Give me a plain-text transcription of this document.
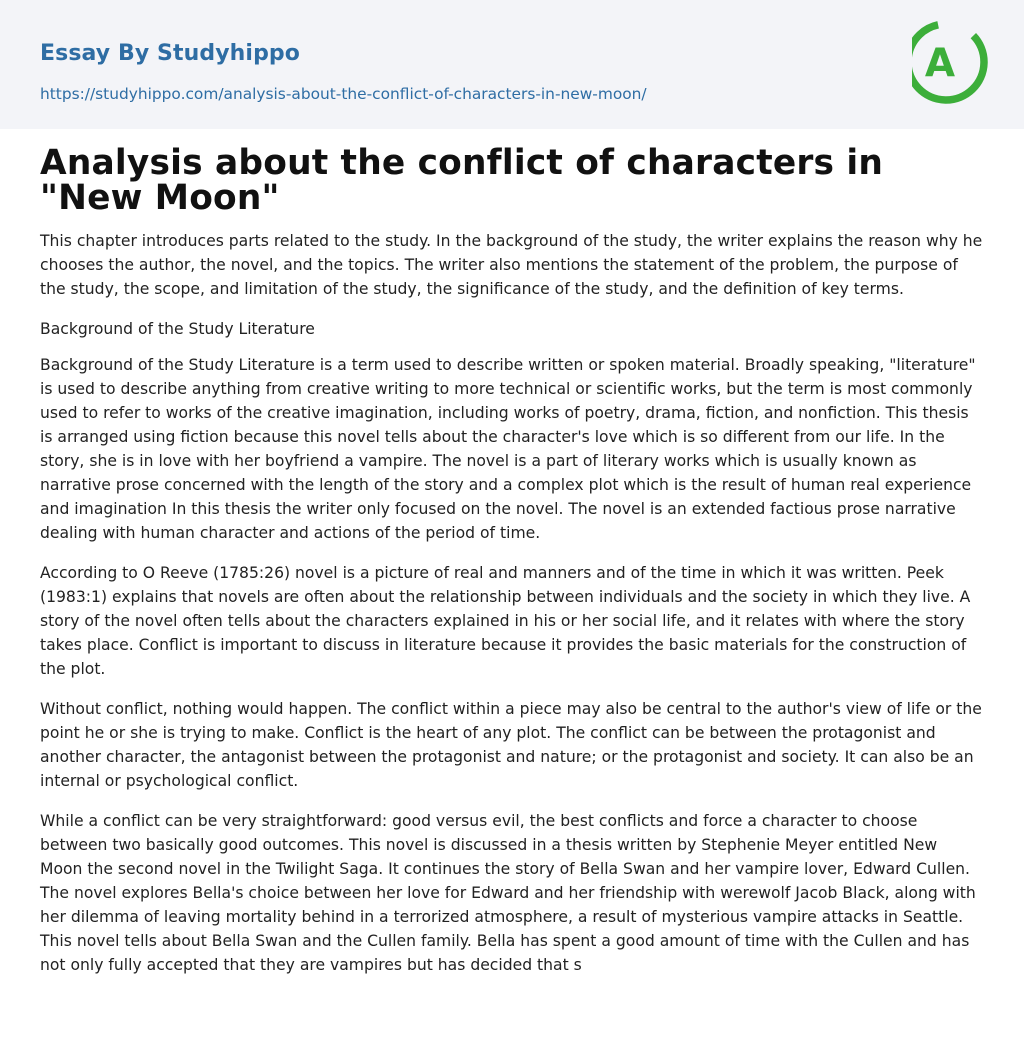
Essay By Studyhippo
https://studyhippo.com/analysis-about-the-conflict-of-characters-in-new-moon/
A
Analysis about the conflict of characters in "New Moon"

This chapter introduces parts related to the study. In the background of the study, the writer explains the reason why he chooses the author, the novel, and the topics. The writer also mentions the statement of the problem, the purpose of the study, the scope, and limitation of the study, the significance of the study, and the definition of key terms.

Background of the Study Literature

Background of the Study Literature is a term used to describe written or spoken material. Broadly speaking, "literature" is used to describe anything from creative writing to more technical or scientific works, but the term is most commonly used to refer to works of the creative imagination, including works of poetry, drama, fiction, and nonfiction. This thesis is arranged using fiction because this novel tells about the character's love which is so different from our life. In the story, she is in love with her boyfriend a vampire. The novel is a part of literary works which is usually known as narrative prose concerned with the length of the story and a complex plot which is the result of human real experience and imagination In this thesis the writer only focused on the novel. The novel is an extended factious prose narrative dealing with human character and actions of the period of time.

According to O Reeve (1785:26) novel is a picture of real and manners and of the time in which it was written. Peek (1983:1) explains that novels are often about the relationship between individuals and the society in which they live. A story of the novel often tells about the characters explained in his or her social life, and it relates with where the story takes place. Conflict is important to discuss in literature because it provides the basic materials for the construction of the plot.

Without conflict, nothing would happen. The conflict within a piece may also be central to the author's view of life or the point he or she is trying to make. Conflict is the heart of any plot. The conflict can be between the protagonist and another character, the antagonist between the protagonist and nature; or the protagonist and society. It can also be an internal or psychological conflict.

While a conflict can be very straightforward: good versus evil, the best conflicts and force a character to choose between two basically good outcomes. This novel is discussed in a thesis written by Stephenie Meyer entitled New Moon the second novel in the Twilight Saga. It continues the story of Bella Swan and her vampire lover, Edward Cullen. The novel explores Bella's choice between her love for Edward and her friendship with werewolf Jacob Black, along with her dilemma of leaving mortality behind in a terrorized atmosphere, a result of mysterious vampire attacks in Seattle. This novel tells about Bella Swan and the Cullen family. Bella has spent a good amount of time with the Cullen and has not only fully accepted that they are vampires but has decided that s
